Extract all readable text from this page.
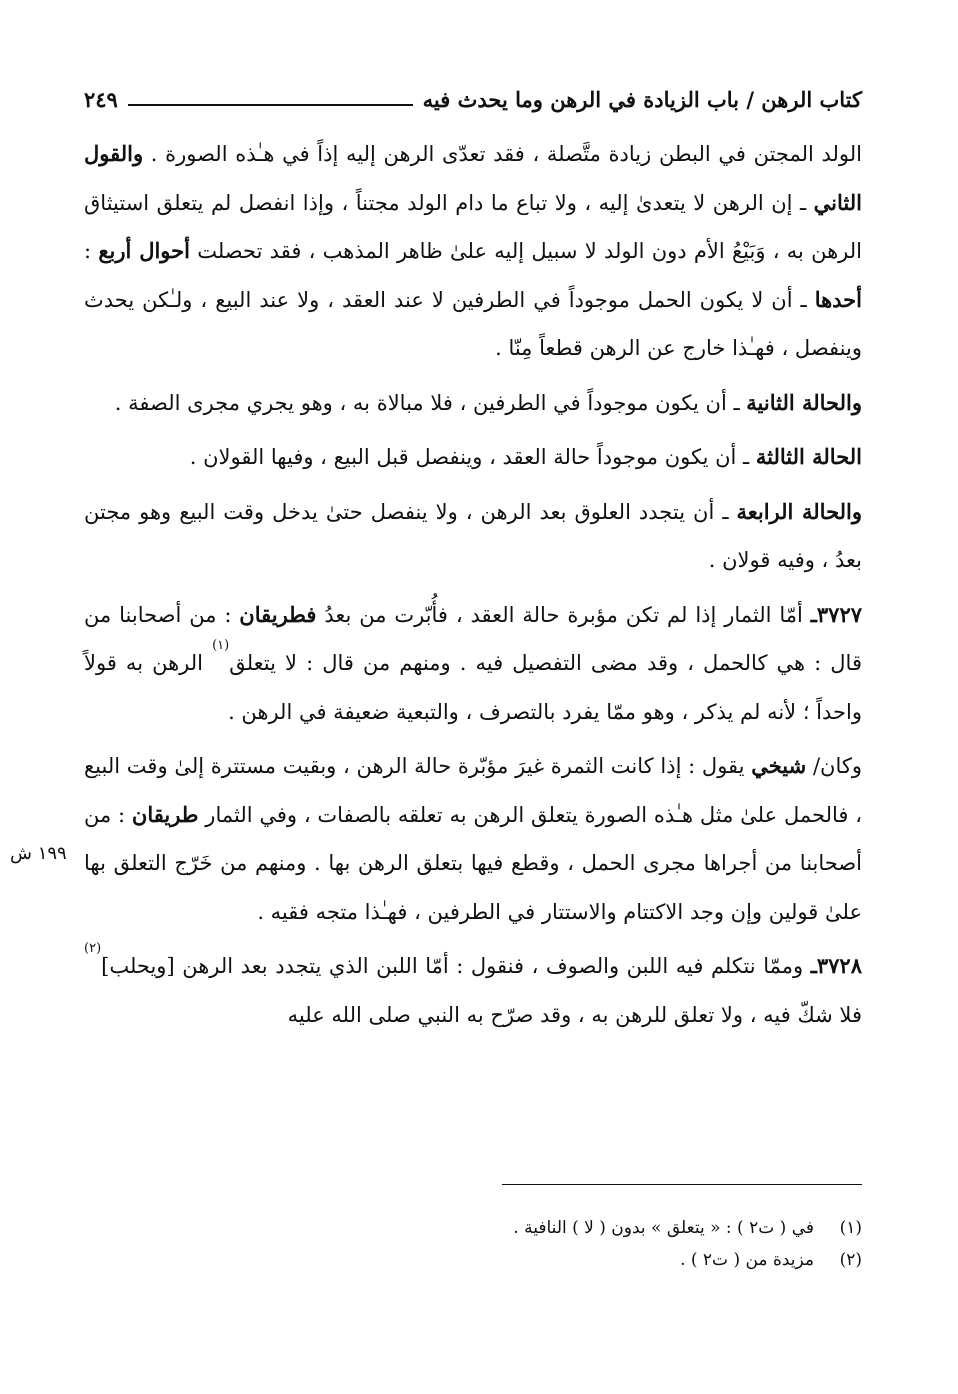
كتاب الرهن / باب الزيادة في الرهن وما يحدث فيه
٢٤٩
١٩٩ ش

الولد المجتن في البطن زيادة متَّصلة ، فقد تعدّى الرهن إليه إذاً في هـٰذه الصورة . والقول الثاني ـ إن الرهن لا يتعدىٰ إليه ، ولا تباع ما دام الولد مجتناً ، وإذا انفصل لم يتعلق استيثاق الرهن به ، وَبَيْعُ الأم دون الولد لا سبيل إليه علىٰ ظاهر المذهب ، فقد تحصلت أحوال أربع : أحدها ـ أن لا يكون الحمل موجوداً في الطرفين لا عند العقد ، ولا عند البيع ، ولـٰكن يحدث وينفصل ، فهـٰذا خارج عن الرهن قطعاً مِنّا .

والحالة الثانية ـ أن يكون موجوداً في الطرفين ، فلا مبالاة به ، وهو يجري مجرى الصفة .

الحالة الثالثة ـ أن يكون موجوداً حالة العقد ، وينفصل قبل البيع ، وفيها القولان .

والحالة الرابعة ـ أن يتجدد العلوق بعد الرهن ، ولا ينفصل حتىٰ يدخل وقت البيع وهو مجتن بعدُ ، وفيه قولان .

٣٧٢٧ـ أمّا الثمار إذا لم تكن مؤبرة حالة العقد ، فأُبّرت من بعدُ فطريقان : من أصحابنا من قال : هي كالحمل ، وقد مضى التفصيل فيه . ومنهم من قال : لا يتعلق$^{(١)}$ الرهن به قولاً واحداً ؛ لأنه لم يذكر ، وهو ممّا يفرد بالتصرف ، والتبعية ضعيفة في الرهن .

وكان/ شيخي يقول : إذا كانت الثمرة غيرَ مؤبّرة حالة الرهن ، وبقيت مستترة إلىٰ وقت البيع ، فالحمل علىٰ مثل هـٰذه الصورة يتعلق الرهن به تعلقه بالصفات ، وفي الثمار طريقان : من أصحابنا من أجراها مجرى الحمل ، وقطع فيها بتعلق الرهن بها . ومنهم من خَرّج التعلق بها علىٰ قولين وإن وجد الاكتتام والاستتار في الطرفين ، فهـٰذا متجه فقيه .

٣٧٢٨ـ وممّا نتكلم فيه اللبن والصوف ، فنقول : أمّا اللبن الذي يتجدد بعد الرهن [ويحلب]$^{(٢)}$ فلا شكّ فيه ، ولا تعلق للرهن به ، وقد صرّح به النبي صلى الله عليه

(١)في ( ت٢ ) : « يتعلق » بدون ( لا ) النافية .
(٢)مزيدة من ( ت٢ ) .
